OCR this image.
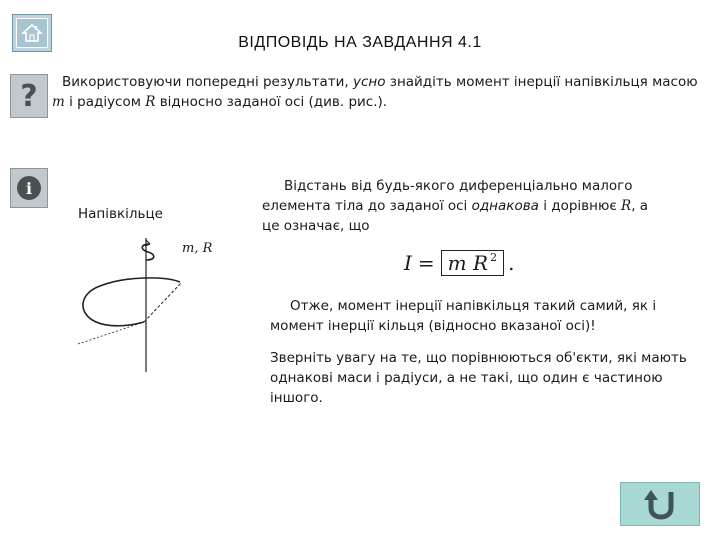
ВІДПОВІДЬ НА ЗАВДАННЯ 4.1
?	Використовуючи попередні результати, усно знайдіть момент інерції напівкільця масою m і радіусом R відносно заданої осі (див. рис.).
i
Напівкільце
m, R
Відстань від будь-якого диференціально малого елемента тіла до заданої осі однакова і дорівнює R, а це означає, що
I = m
$R^2$ .
Отже, момент інерції напівкільця такий самий, як і момент інерції кільця (відносно вказаної осі)!
Зверніть увагу на те, що порівнюються об'єкти, які мають однакові маси і радіуси, а не такі, що один є частиною іншого.
